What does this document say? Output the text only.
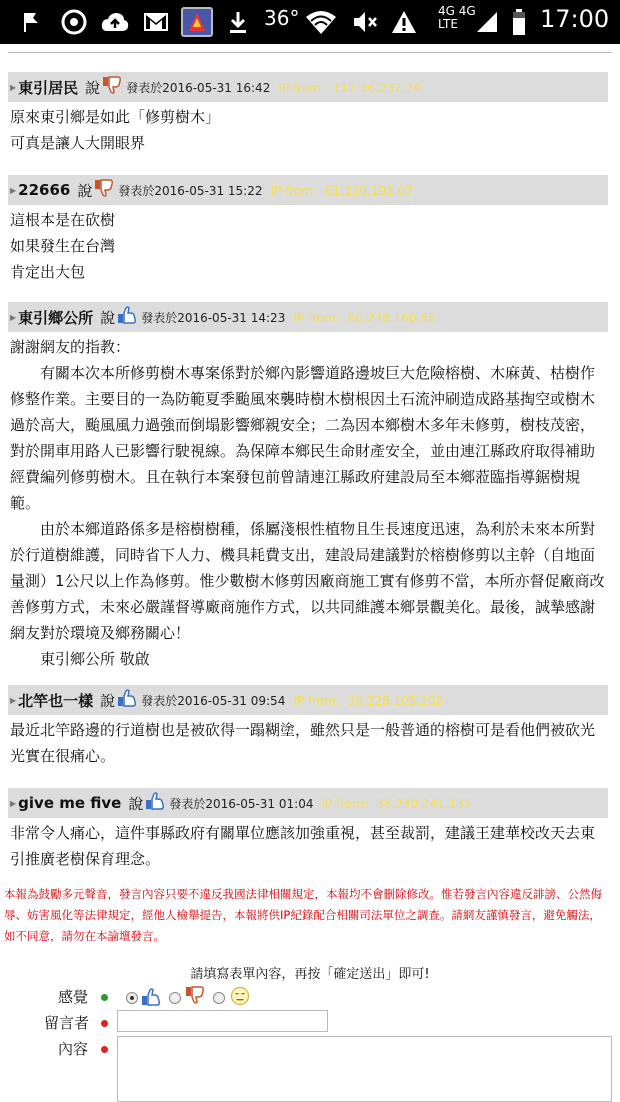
36°	4G 4G
LTE	17:00
▶ 東引居民 說 發表於2016-05-31 16:42 IP from：117.56.232.24

原來東引鄉是如此「修剪樹木」

可真是讓人大開眼界

▶ 22666 說 發表於2016-05-31 15:22 IP from：61.220.191.67

這根本是在砍樹

如果發生在台灣

肯定出大包

▶ 東引鄉公所 說 發表於2016-05-31 14:23 IP from：60.248.160.55

謝謝網友的指教：

有關本次本所修剪樹木專案係對於鄉內影響道路邊坡巨大危險榕樹、木麻黃、枯樹作修整作業。主要目的一為防範夏季颱風來襲時樹木樹根因土石流沖刷造成路基掏空或樹木過於高大，颱風風力過強而倒塌影響鄉親安全；二為因本鄉樹木多年未修剪，樹枝茂密，對於開車用路人已影響行駛視線。為保障本鄉民生命財產安全，並由連江縣政府取得補助經費編列修剪樹木。且在執行本案發包前曾請連江縣政府建設局至本鄉蒞臨指導鋸樹規範。

由於本鄉道路係多是榕樹樹種，係屬淺根性植物且生長速度迅速，為利於未來本所對於行道樹維護，同時省下人力、機具耗費支出，建設局建議對於榕樹修剪以主幹（自地面量測）1公尺以上作為修剪。惟少數樹木修剪因廠商施工實有修剪不當，本所亦督促廠商改善修剪方式，未來必嚴謹督導廠商施作方式，以共同維護本鄉景觀美化。最後，誠摯感謝網友對於環境及鄉務關心！

東引鄉公所 敬啟

▶ 北竿也一樣 說 發表於2016-05-31 09:54 IP from：36.228.105.202

最近北竿路邊的行道樹也是被砍得一蹋糊塗，雖然只是一般普通的榕樹可是看他們被砍光光實在很痛心。

▶ give me five 說 發表於2016-05-31 01:04 IP from：36.230.241.135

非常令人痛心，這件事縣政府有關單位應該加強重視，甚至裁罰，建議王建華校改天去東引推廣老樹保育理念。

本報為鼓勵多元聲音，發言內容只要不違反我國法律相關規定，本報均不會刪除修改。惟若發言內容違反誹謗、公然侮辱、妨害風化等法律規定，經他人檢舉提告，本報將供IP紀錄配合相關司法單位之調查。請網友謹慎發言，避免觸法，如不同意，請勿在本論壇發言。
請填寫表單內容，再按「確定送出」即可!
感覺
留言者
內容
